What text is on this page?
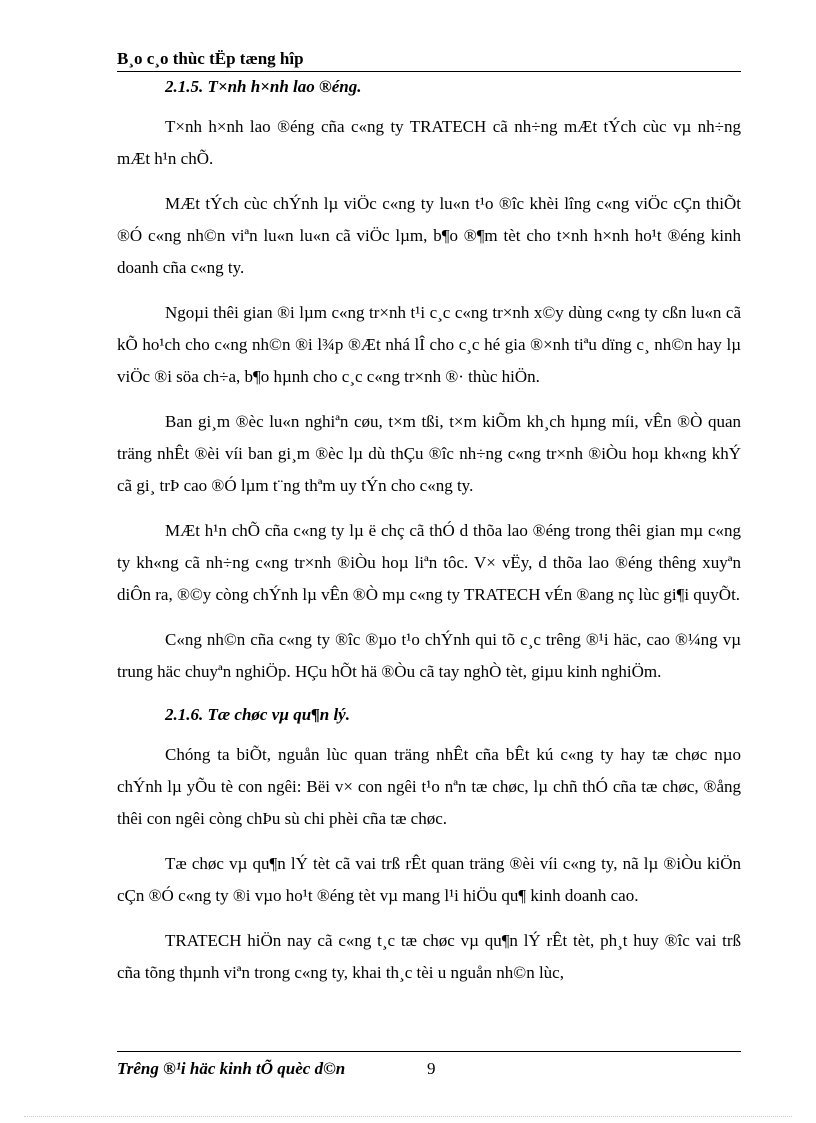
B¸o c¸o thùc tËp tæng hîp
2.1.5. T×nh h×nh lao ®éng.

T×nh h×nh lao ®éng cña c«ng ty TRATECH cã nh÷ng mÆt tÝch cùc vµ nh÷ng mÆt h¹n chÕ.

MÆt tÝch cùc chÝnh lµ viÖc c«ng ty lu«n t¹o ®îc khèi lîng c«ng viÖc cÇn thiÕt ®Ó c«ng nh©n viªn lu«n lu«n cã viÖc lµm, b¶o ®¶m tèt cho t×nh h×nh ho¹t ®éng kinh doanh cña c«ng ty.

Ngoµi thêi gian ®i lµm c«ng tr×nh t¹i c¸c c«ng tr×nh x©y dùng c«ng ty cßn lu«n cã kÕ ho¹ch cho c«ng nh©n ®i l¾p ®Æt nhá lÎ cho c¸c hé gia ®×nh tiªu dïng c¸ nh©n hay lµ viÖc ®i söa ch÷a, b¶o hµnh cho c¸c c«ng tr×nh ®· thùc hiÖn.

Ban gi¸m ®èc lu«n nghiªn cøu, t×m tßi, t×m kiÕm kh¸ch hµng míi, vÊn ®Ò quan träng nhÊt ®èi víi ban gi¸m ®èc lµ dù thÇu ®îc nh÷ng c«ng tr×nh ®iÒu hoµ kh«ng khÝ cã gi¸ trÞ cao ®Ó lµm t¨ng thªm uy tÝn cho c«ng ty.

MÆt h¹n chÕ cña c«ng ty lµ ë chç cã thÓ d thõa lao ®éng trong thêi gian mµ c«ng ty kh«ng cã nh÷ng c«ng tr×nh ®iÒu hoµ liªn tôc. V× vËy, d thõa lao ®éng thêng xuyªn diÔn ra, ®©y còng chÝnh lµ vÊn ®Ò mµ c«ng ty TRATECH vÉn ®ang nç lùc gi¶i quyÕt.

C«ng nh©n cña c«ng ty ®îc ®µo t¹o chÝnh qui tõ c¸c trêng ®¹i häc, cao ®¼ng vµ trung häc chuyªn nghiÖp. HÇu hÕt hä ®Òu cã tay nghÒ tèt, giµu kinh nghiÖm.

2.1.6. Tæ chøc vµ qu¶n lý.

Chóng ta biÕt, nguån lùc quan träng nhÊt cña bÊt kú c«ng ty hay tæ chøc nµo chÝnh lµ yÕu tè con ngêi: Bëi v× con ngêi t¹o nªn tæ chøc, lµ chñ thÓ cña tæ chøc, ®ång thêi con ngêi còng chÞu sù chi phèi cña tæ chøc.

Tæ chøc vµ qu¶n lÝ tèt cã vai trß rÊt quan träng ®èi víi c«ng ty, nã lµ ®iÒu kiÖn cÇn ®Ó c«ng ty ®i vµo ho¹t ®éng tèt vµ mang l¹i hiÖu qu¶ kinh doanh cao.

TRATECH hiÖn nay cã c«ng t¸c tæ chøc vµ qu¶n lÝ rÊt tèt, ph¸t huy ®îc vai trß cña tõng thµnh viªn trong c«ng ty, khai th¸c tèi u nguån nh©n lùc,

Trêng ®¹i häc kinh tÕ quèc d©n	9
